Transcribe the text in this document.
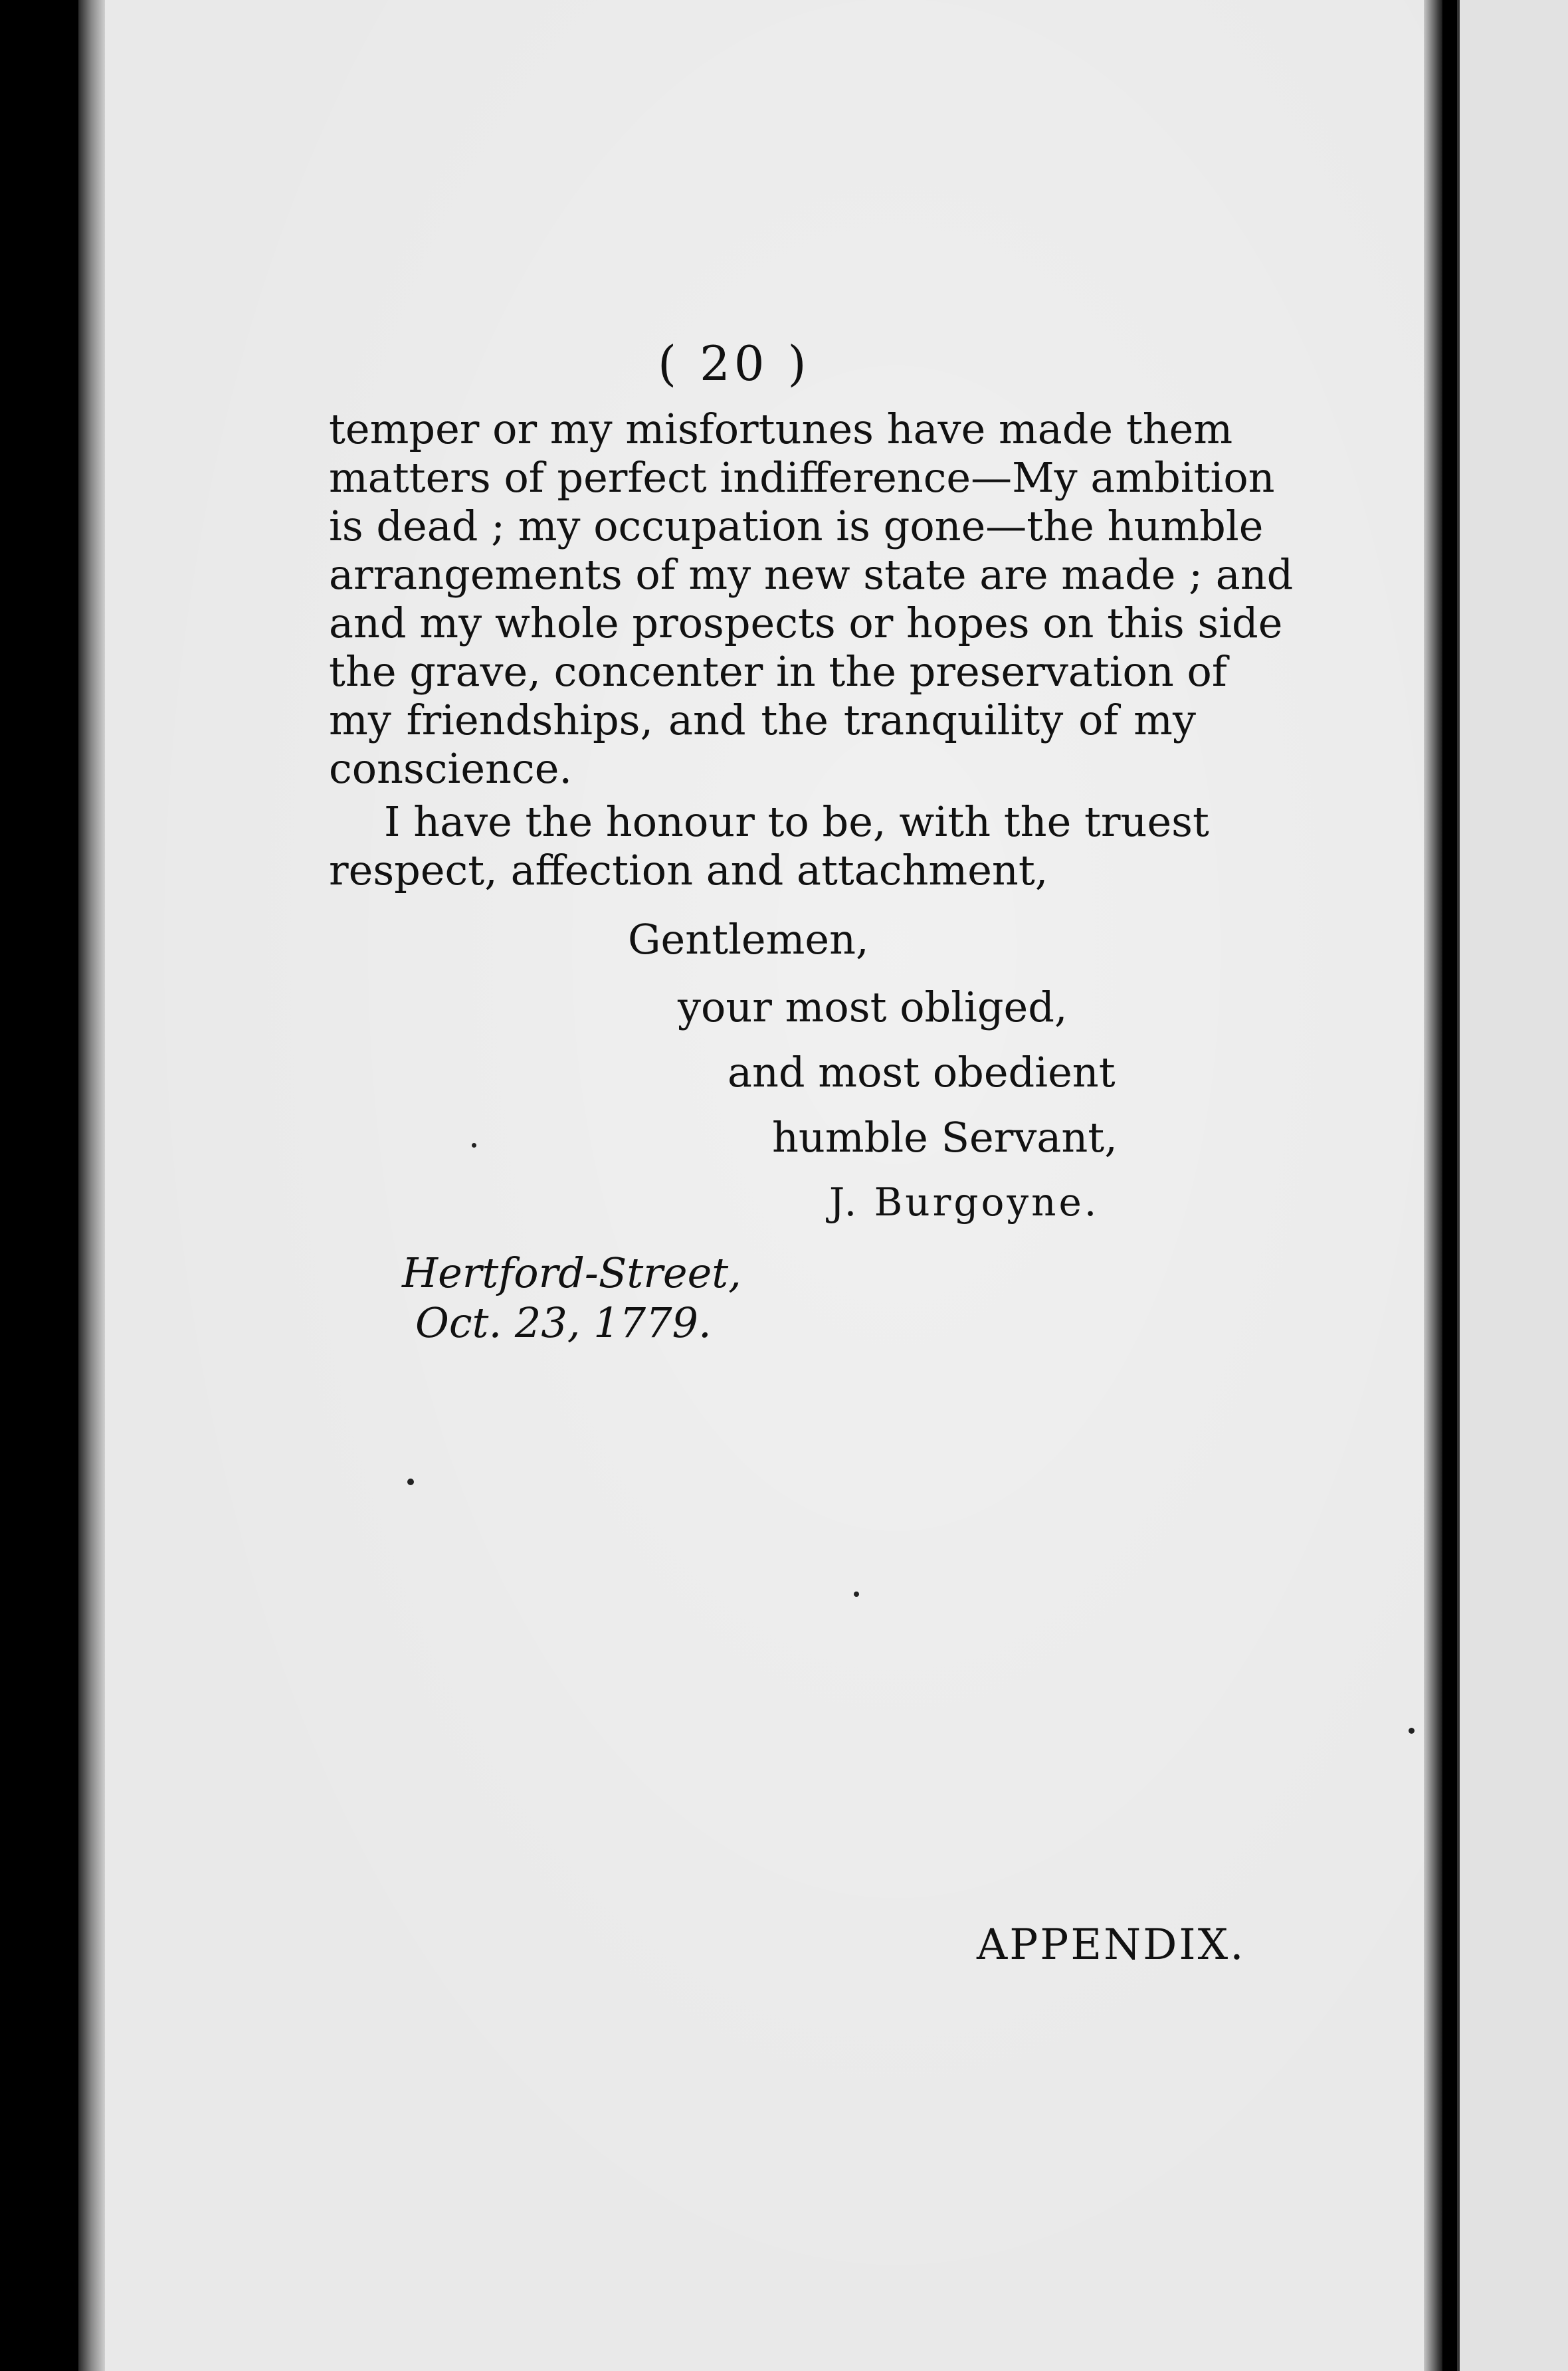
( 20 )
temper or my misfortunes have made them
matters of perfect indifference—My ambition
is dead ; my occupation is gone—the humble
arrangements of my new state are made ; and
and my whole prospects or hopes on this side
the grave, concenter in the preservation of
my friendships, and the tranquility of my
conscience.
I have the honour to be, with the truest
respect, affection and attachment,
Gentlemen,
your most obliged,
and most obedient
humble Servant,
J. Burgoyne.
Hertford-Street,
Oct. 23, 1779.
APPENDIX.
